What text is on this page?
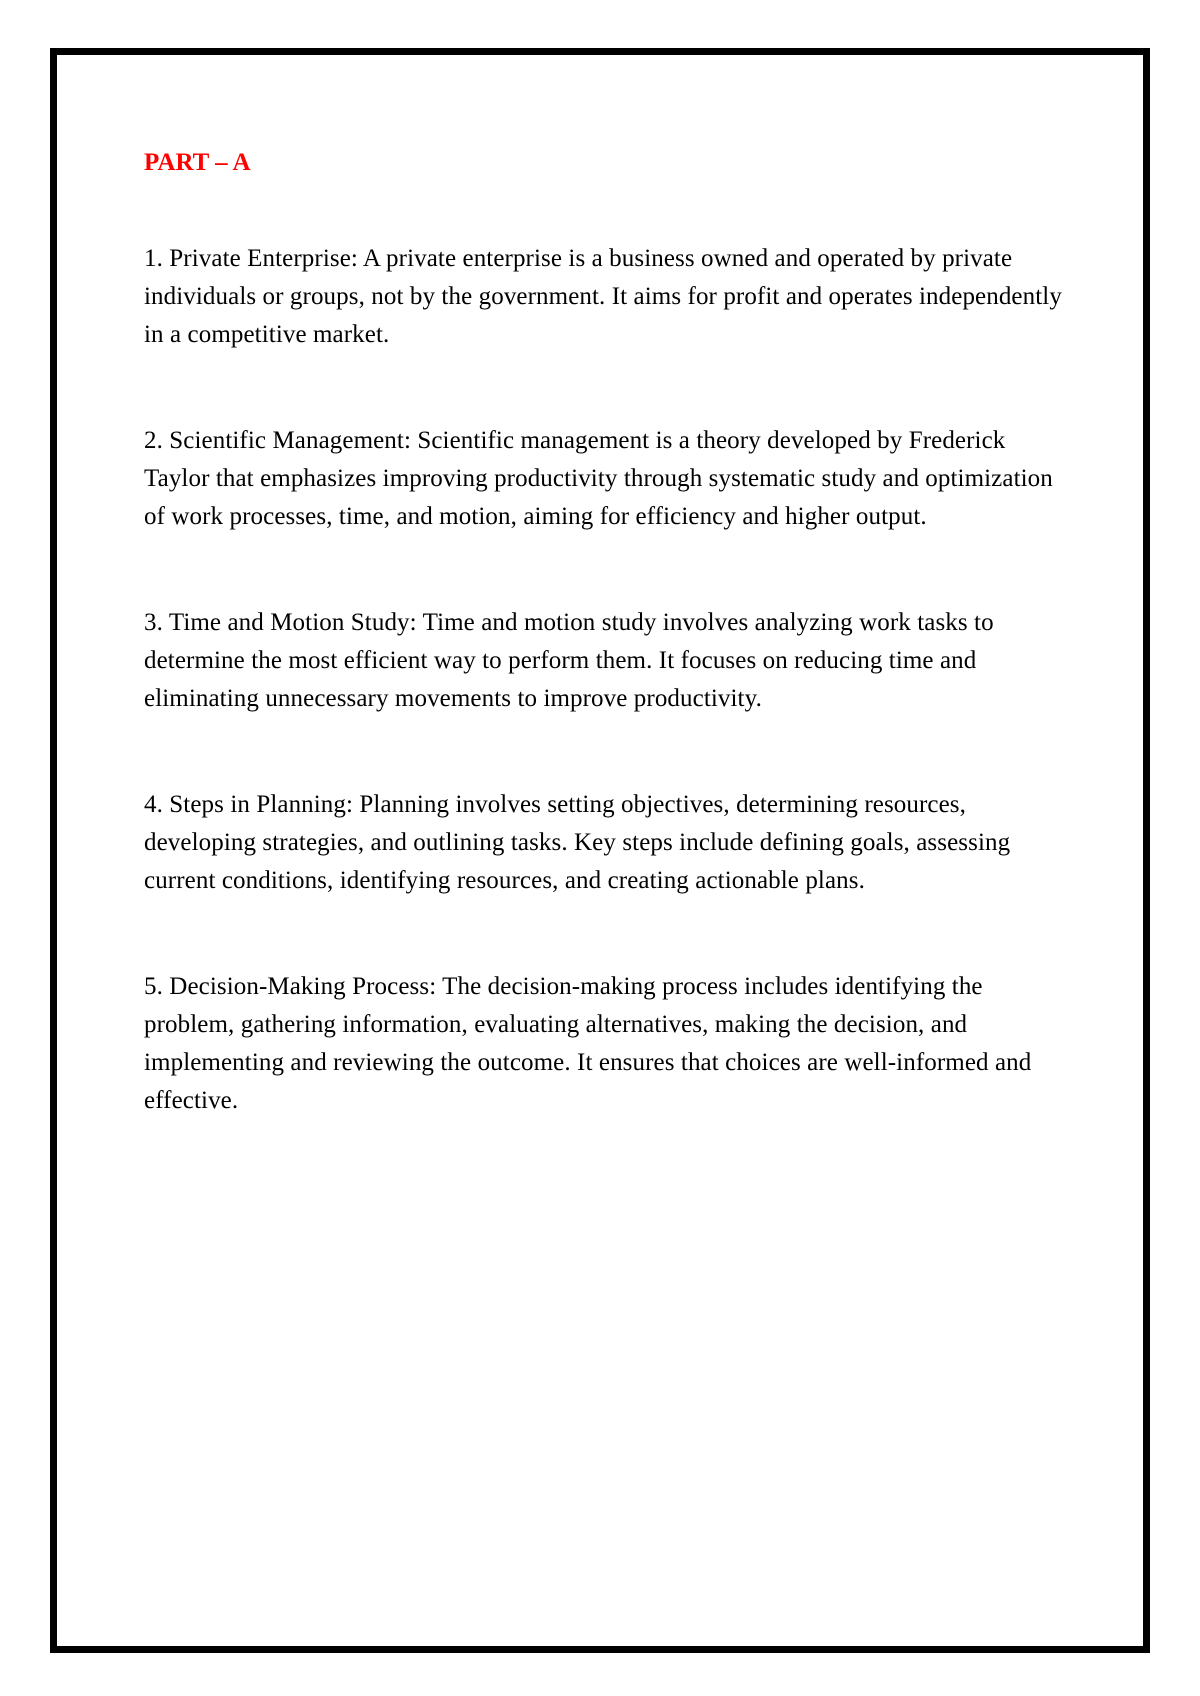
PART – A

1. Private Enterprise: A private enterprise is a business owned and operated by private individuals or groups, not by the government. It aims for profit and operates independently in a competitive market.

2. Scientific Management: Scientific management is a theory developed by Frederick Taylor that emphasizes improving productivity through systematic study and optimization of work processes, time, and motion, aiming for efficiency and higher output.

3. Time and Motion Study: Time and motion study involves analyzing work tasks to determine the most efficient way to perform them. It focuses on reducing time and eliminating unnecessary movements to improve productivity.

4. Steps in Planning: Planning involves setting objectives, determining resources, developing strategies, and outlining tasks. Key steps include defining goals, assessing current conditions, identifying resources, and creating actionable plans.

5. Decision-Making Process: The decision-making process includes identifying the problem, gathering information, evaluating alternatives, making the decision, and implementing and reviewing the outcome. It ensures that choices are well-informed and effective.
